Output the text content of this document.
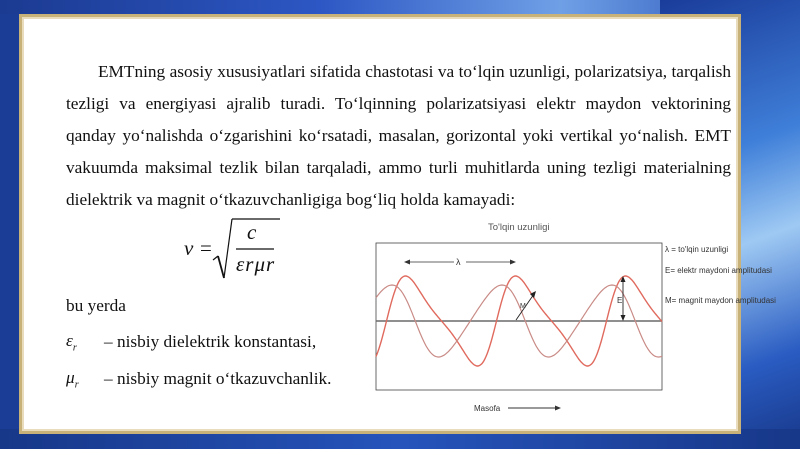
EMTning asosiy xususiyatlari sifatida chastotasi va to‘lqin uzunligi, polarizatsiya, tarqalish tezligi va energiyasi ajralib turadi. To‘lqinning polarizatsiyasi elektr maydon vektorining qanday yo‘nalishda o‘zgarishini ko‘rsatadi, masalan, gorizontal yoki vertikal yo‘nalish. EMT vakuumda maksimal tezlik bilan tarqaladi, ammo turli muhitlarda uning tezligi materialning dielektrik va magnit o‘tkazuvchanligiga bog‘liq holda kamayadi:
v =
c
εrμr
bu yerda
$\varepsilon_r$ – nisbiy dielektrik konstantasi,
$\mu_r$ – nisbiy magnit o‘tkazuvchanlik.
To'lqin uzunligi
λ
E
M
λ = to'lqin uzunligi
E= elektr maydoni amplitudasi
M= magnit maydon amplitudasi
Masofa
